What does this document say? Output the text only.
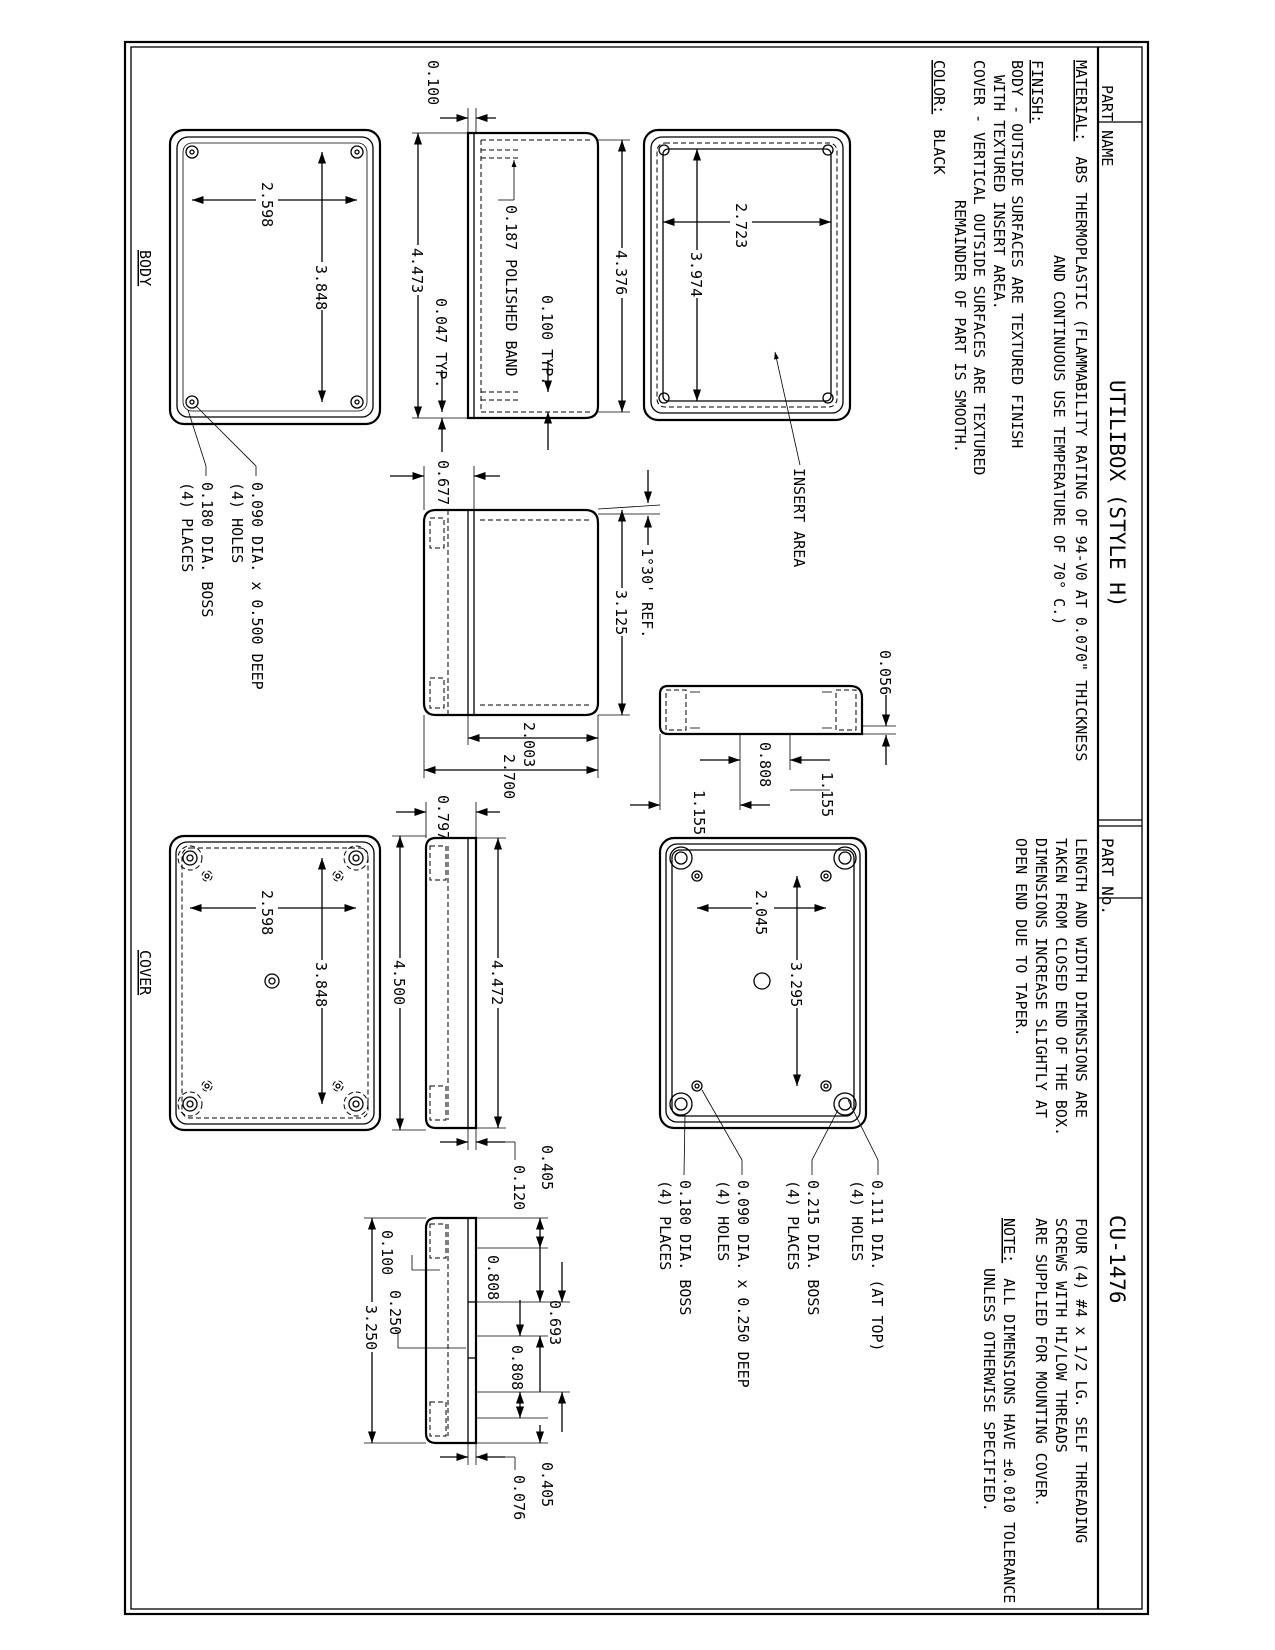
PART NAME
UTILIBOX (STYLE H)
PART No.
CU-1476
MATERIAL: ABS THERMOPLASTIC (FLAMMABILITY RATING OF 94-V0 AT 0.070" THICKNESS
AND CONTINUOUS USE TEMPERATURE OF 70° C.)
FINISH:
BODY - OUTSIDE SURFACES ARE TEXTURED FINISH
WITH TEXTURED INSERT AREA.
COVER - VERTICAL OUTSIDE SURFACES ARE TEXTURED
REMAINDER OF PART IS SMOOTH.
COLOR: BLACK
LENGTH AND WIDTH DIMENSIONS ARE
TAKEN FROM CLOSED END OF THE BOX.
DIMENSIONS INCREASE SLIGHTLY AT
OPEN END DUE TO TAPER.
FOUR (4) #4 x 1/2 LG. SELF THREADING
SCREWS WITH HI/LOW THREADS
ARE SUPPLIED FOR MOUNTING COVER.
NOTE: ALL DIMENSIONS HAVE ±0.010 TOLERANCE
UNLESS OTHERWISE SPECIFIED.
2.598
3.848
BODY
0.090 DIA. x 0.500 DEEP
(4) HOLES
0.180 DIA. BOSS
(4) PLACES
4.473	4.376
0.100
0.187 POLISHED BAND 0.100 TYP.
0.047 TYP.
2.723
3.974
INSERT AREA
0.677
1°30' REF.
3.125
2.003
2.700
0.056
1.155
0.808
1.155
2.045
3.295
0.111 DIA. (AT TOP)
(4) HOLES
0.215 DIA. BOSS
(4) PLACES
0.090 DIA. x 0.250 DEEP
(4) HOLES
0.180 DIA. BOSS
(4) PLACES
2.598
3.848
COVER
0.797
4.500	4.472
0.405
0.120
0.808
0.693
0.808
0.100
0.250
3.250
0.405
0.076
